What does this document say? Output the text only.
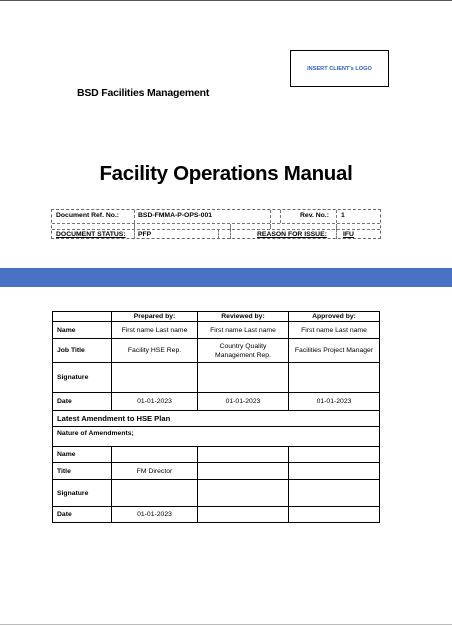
INSERT CLIENT's LOGO
BSD Facilities Management
Facility Operations Manual
Document Ref. No.:	BSD-FMMA-P-OPS-001	Rev. No.: 1
DOCUMENT STATUS: PFP	REASON FOR ISSUE: IFU
	Prepared by:	Reviewed by:	Approved by:
Name	First name Last name	First name Last name	First name Last name
Job Title	Facility HSE Rep.	Country Quality Management Rep.	Facilities Project Manager
Signature			
Date	01-01-2023	01-01-2023	01-01-2023
Latest Amendment to HSE Plan			
Nature of Amendments;			
Name			
Title	FM Director		
Signature			
Date	01-01-2023		
